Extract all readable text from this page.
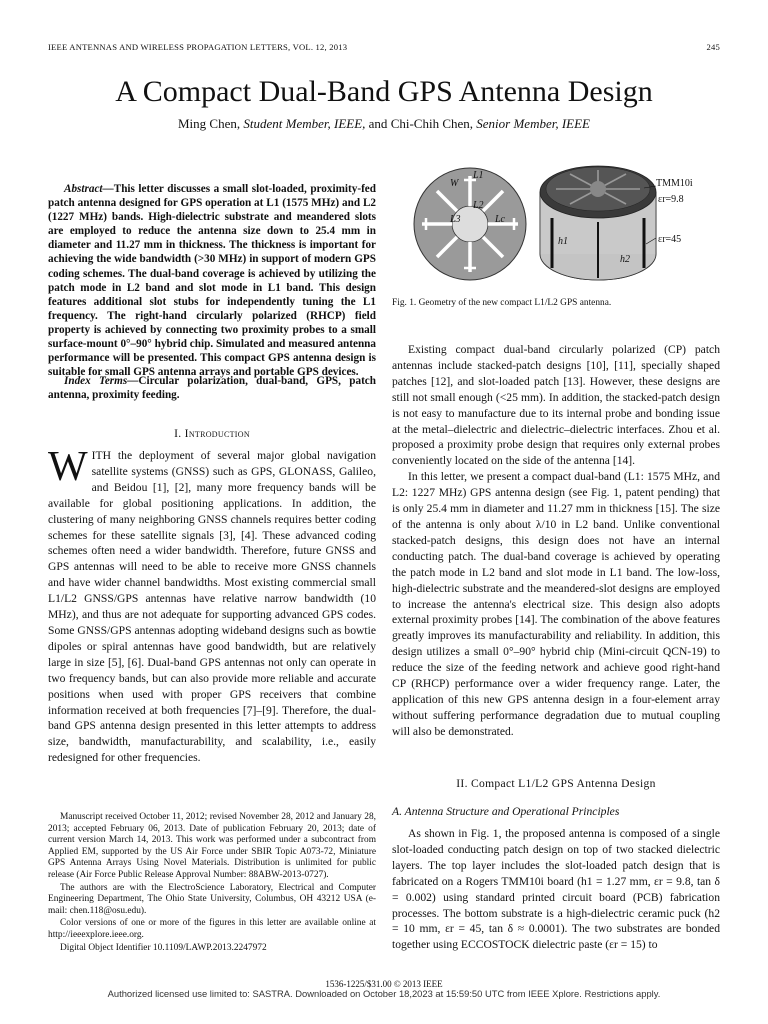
IEEE ANTENNAS AND WIRELESS PROPAGATION LETTERS, VOL. 12, 2013	245
A Compact Dual-Band GPS Antenna Design
Ming Chen, Student Member, IEEE, and Chi-Chih Chen, Senior Member, IEEE

Abstract—This letter discusses a small slot-loaded, proximity-fed patch antenna designed for GPS operation at L1 (1575 MHz) and L2 (1227 MHz) bands. High-dielectric substrate and meandered slots are employed to reduce the antenna size down to 25.4 mm in diameter and 11.27 mm in thickness. The thickness is important for achieving the wide bandwidth (>30 MHz) in support of modern GPS coding schemes. The dual-band coverage is achieved by utilizing the patch mode in L2 band and slot mode in L1 band. This design features additional slot stubs for independently tuning the L1 frequency. The right-hand circularly polarized (RHCP) field property is achieved by connecting two proximity probes to a small surface-mount 0°–90° hybrid chip. Simulated and measured antenna performance will be presented. This compact GPS antenna design is suitable for small GPS antenna arrays and portable GPS devices.

Index Terms—Circular polarization, dual-band, GPS, patch antenna, proximity feeding.

I. Introduction
WITH the deployment of several major global navigation satellite systems (GNSS) such as GPS, GLONASS, Galileo, and Beidou [1], [2], many more frequency bands will be available for global positioning applications. In addition, the clustering of many neighboring GNSS channels requires better coding schemes for these satellite signals [3], [4]. These advanced coding schemes often need a wider bandwidth. Therefore, future GNSS and GPS antennas will need to be able to receive more GNSS channels and have wider channel bandwidths. Most existing commercial small L1/L2 GNSS/GPS antennas have relative narrow bandwidth (10 MHz), and thus are not adequate for supporting advanced GPS codes. Some GNSS/GPS antennas adopting wideband designs such as bowtie dipoles or spiral antennas have good bandwidth, but are relatively large in size [5], [6]. Dual-band GPS antennas not only can operate in two frequency bands, but can also provide more reliable and accurate positions when used with proper GPS receivers that combine information received at both frequencies [7]–[9]. Therefore, the dual-band GPS antenna design presented in this letter attempts to address size, bandwidth, manufacturability, and scalability, i.e., easily redesigned for other frequencies.

Manuscript received October 11, 2012; revised November 28, 2012 and January 28, 2013; accepted February 06, 2013. Date of publication February 20, 2013; date of current version March 14, 2013. This work was performed under a subcontract from Applied EM, supported by the US Air Force under SBIR Topic A073-72, Miniature GPS Antenna Arrays Using Novel Materials. Distribution is unlimited for public release (Air Force Public Release Approval Number: 88ABW-2013-0727).

The authors are with the ElectroScience Laboratory, Electrical and Computer Engineering Department, The Ohio State University, Columbus, OH 43212 USA (e-mail: chen.118@osu.edu).

Color versions of one or more of the figures in this letter are available online at http://ieeexplore.ieee.org.

Digital Object Identifier 10.1109/LAWP.2013.2247972

W
L1
L2
L3	Lc
h1
h2
TMM10i
εr=9.8
εr=45
Fig. 1. Geometry of the new compact L1/L2 GPS antenna.

Existing compact dual-band circularly polarized (CP) patch antennas include stacked-patch designs [10], [11], specially shaped patches [12], and slot-loaded patch [13]. However, these designs are still not small enough (<25 mm). In addition, the stacked-patch design is not easy to manufacture due to its internal probe and bonding issue at the metal–dielectric and dielectric–dielectric interfaces. Zhou et al. proposed a proximity probe design that requires only external probes conveniently located on the side of the antenna [14].

In this letter, we present a compact dual-band (L1: 1575 MHz, and L2: 1227 MHz) GPS antenna design (see Fig. 1, patent pending) that is only 25.4 mm in diameter and 11.27 mm in thickness [15]. The size of the antenna is only about λ/10 in L2 band. Unlike conventional stacked-patch designs, this design does not have an internal conducting patch. The dual-band coverage is achieved by operating the patch mode in L2 band and slot mode in L1 band. The low-loss, high-dielectric substrate and the meandered-slot designs are employed to increase the antenna's electrical size. This design also adopts external proximity probes [14]. The combination of the above features greatly improves its manufacturability and reliability. In addition, this design utilizes a small 0°–90° hybrid chip (Mini-circuit QCN-19) to reduce the size of the feeding network and achieve good right-hand CP (RHCP) performance over a wider frequency range. Later, the application of this new GPS antenna design in a four-element array without suffering performance degradation due to mutual coupling will also be demonstrated.

II. Compact L1/L2 GPS Antenna Design
A. Antenna Structure and Operational Principles

As shown in Fig. 1, the proposed antenna is composed of a single slot-loaded conducting patch design on top of two stacked dielectric layers. The top layer includes the slot-loaded patch design that is fabricated on a Rogers TMM10i board (h1 = 1.27 mm, εr = 9.8, tan δ = 0.002) using standard printed circuit board (PCB) fabrication processes. The bottom substrate is a high-dielectric ceramic puck (h2 = 10 mm, εr = 45, tan δ ≈ 0.0001). The two substrates are bonded together using ECCOSTOCK dielectric paste (εr = 15) to

1536-1225/$31.00 © 2013 IEEE
Authorized licensed use limited to: SASTRA. Downloaded on October 18,2023 at 15:59:50 UTC from IEEE Xplore. Restrictions apply.
